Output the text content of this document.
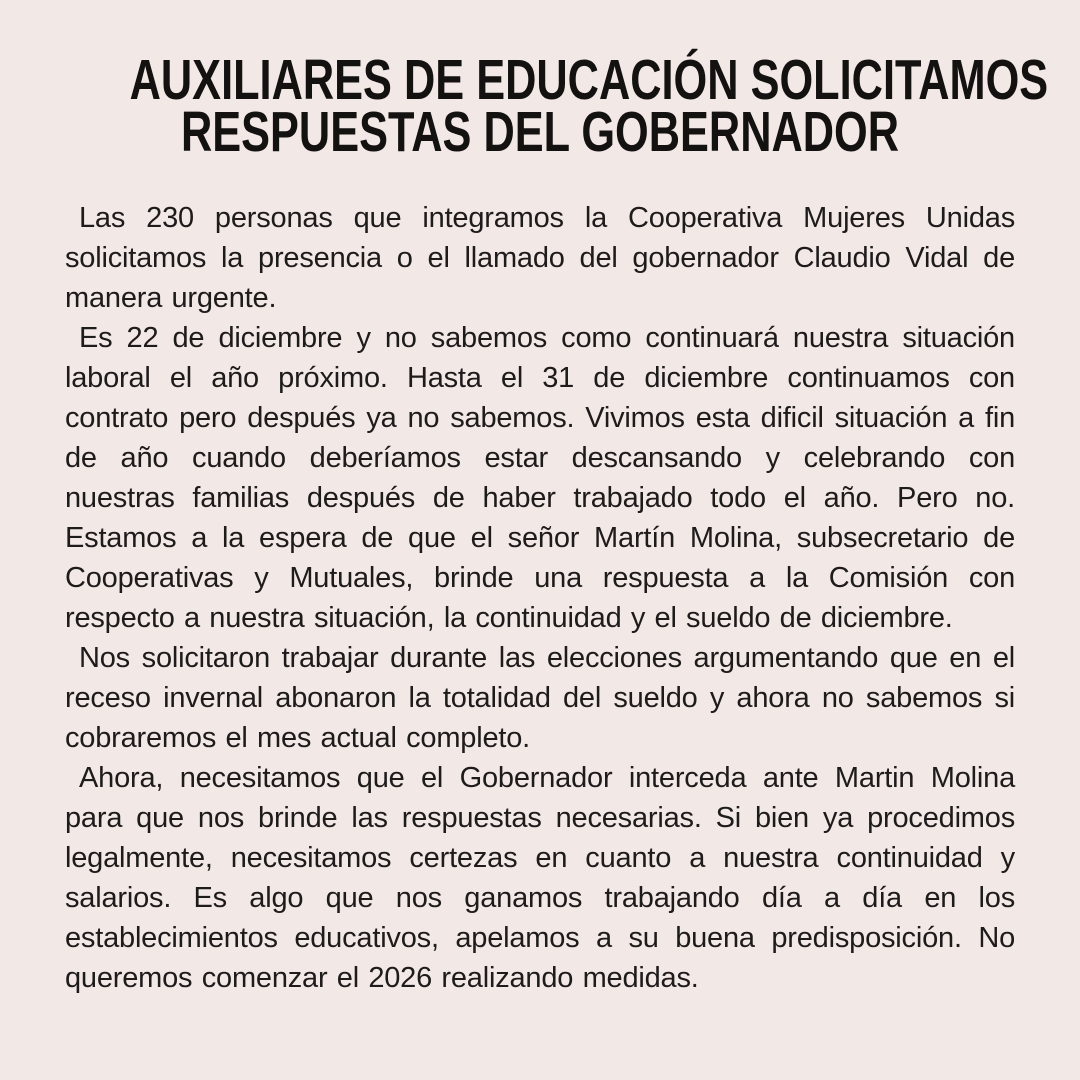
AUXILIARES DE EDUCACIÓN SOLICITAMOS
RESPUESTAS DEL GOBERNADOR

Las 230 personas que integramos la Cooperativa Mujeres Unidas solicitamos la presencia o el llamado del gobernador Claudio Vidal de manera urgente.

Es 22 de diciembre y no sabemos como continuará nuestra situación laboral el año próximo. Hasta el 31 de diciembre continuamos con contrato pero después ya no sabemos. Vivimos esta dificil situación a fin de año cuando deberíamos estar descansando y celebrando con nuestras familias después de haber trabajado todo el año. Pero no. Estamos a la espera de que el señor Martín Molina, subsecretario de Cooperativas y Mutuales, brinde una respuesta a la Comisión con respecto a nuestra situación, la continuidad y el sueldo de diciembre.

Nos solicitaron trabajar durante las elecciones argumentando que en el receso invernal abonaron la totalidad del sueldo y ahora no sabemos si cobraremos el mes actual completo.

Ahora, necesitamos que el Gobernador interceda ante Martin Molina para que nos brinde las respuestas necesarias. Si bien ya procedimos legalmente, necesitamos certezas en cuanto a nuestra continuidad y salarios. Es algo que nos ganamos trabajando día a día en los establecimientos educativos, apelamos a su buena predisposición. No queremos comenzar el 2026 realizando medidas.
